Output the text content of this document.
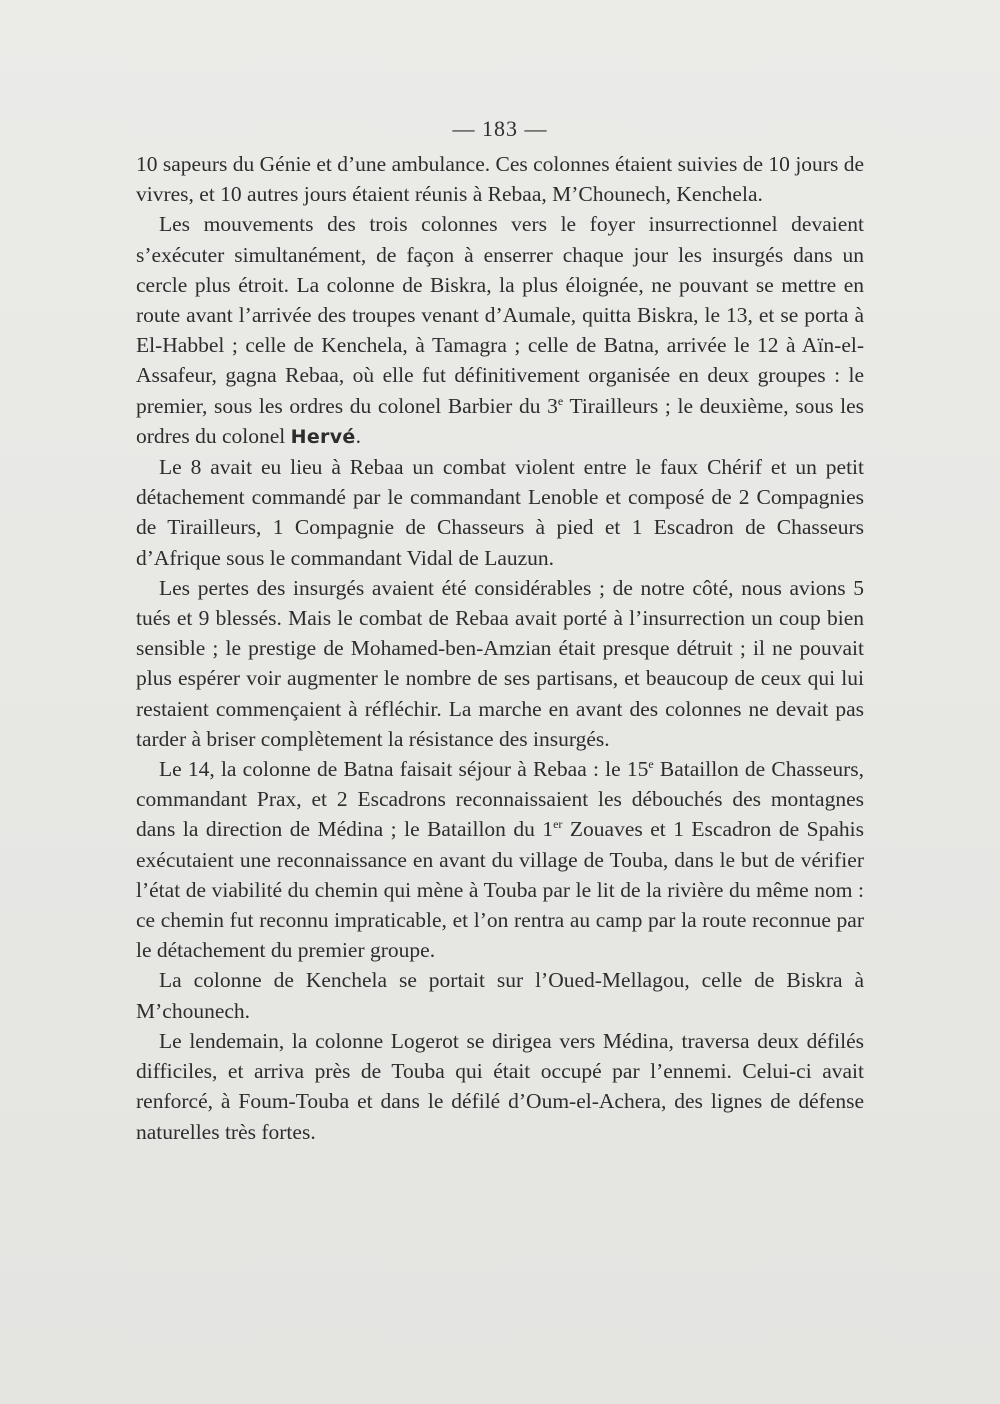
— 183 —

10 sapeurs du Génie et d’une ambulance. Ces colonnes étaient suivies de 10 jours de vivres, et 10 autres jours étaient réunis à Rebaa, M’Chounech, Kenchela.

Les mouvements des trois colonnes vers le foyer insurrectionnel devaient s’exécuter simultanément, de façon à enserrer chaque jour les insurgés dans un cercle plus étroit. La colonne de Biskra, la plus éloignée, ne pouvant se mettre en route avant l’arrivée des troupes venant d’Aumale, quitta Biskra, le 13, et se porta à El-Habbel ; celle de Kenchela, à Tamagra ; celle de Batna, arrivée le 12 à Aïn-el-Assafeur, gagna Rebaa, où elle fut définitivement organisée en deux groupes : le premier, sous les ordres du colonel Barbier du 3e Tirailleurs ; le deuxième, sous les ordres du colonel Hervé.

Le 8 avait eu lieu à Rebaa un combat violent entre le faux Chérif et un petit détachement commandé par le commandant Lenoble et composé de 2 Compagnies de Tirailleurs, 1 Compagnie de Chasseurs à pied et 1 Escadron de Chasseurs d’Afrique sous le commandant Vidal de Lauzun.

Les pertes des insurgés avaient été considérables ; de notre côté, nous avions 5 tués et 9 blessés. Mais le combat de Rebaa avait porté à l’insurrection un coup bien sensible ; le prestige de Mohamed-ben-Amzian était presque détruit ; il ne pouvait plus espérer voir augmenter le nombre de ses partisans, et beaucoup de ceux qui lui restaient commençaient à réfléchir. La marche en avant des colonnes ne devait pas tarder à briser complètement la résistance des insurgés.

Le 14, la colonne de Batna faisait séjour à Rebaa : le 15e Bataillon de Chasseurs, commandant Prax, et 2 Escadrons reconnaissaient les débouchés des montagnes dans la direction de Médina ; le Bataillon du 1er Zouaves et 1 Escadron de Spahis exécutaient une reconnaissance en avant du village de Touba, dans le but de vérifier l’état de viabilité du chemin qui mène à Touba par le lit de la rivière du même nom : ce chemin fut reconnu impraticable, et l’on rentra au camp par la route reconnue par le détachement du premier groupe.

La colonne de Kenchela se portait sur l’Oued-Mellagou, celle de Biskra à M’chounech.

Le lendemain, la colonne Logerot se dirigea vers Médina, traversa deux défilés difficiles, et arriva près de Touba qui était occupé par l’ennemi. Celui-ci avait renforcé, à Foum-Touba et dans le défilé d’Oum-el-Achera, des lignes de défense naturelles très fortes.
